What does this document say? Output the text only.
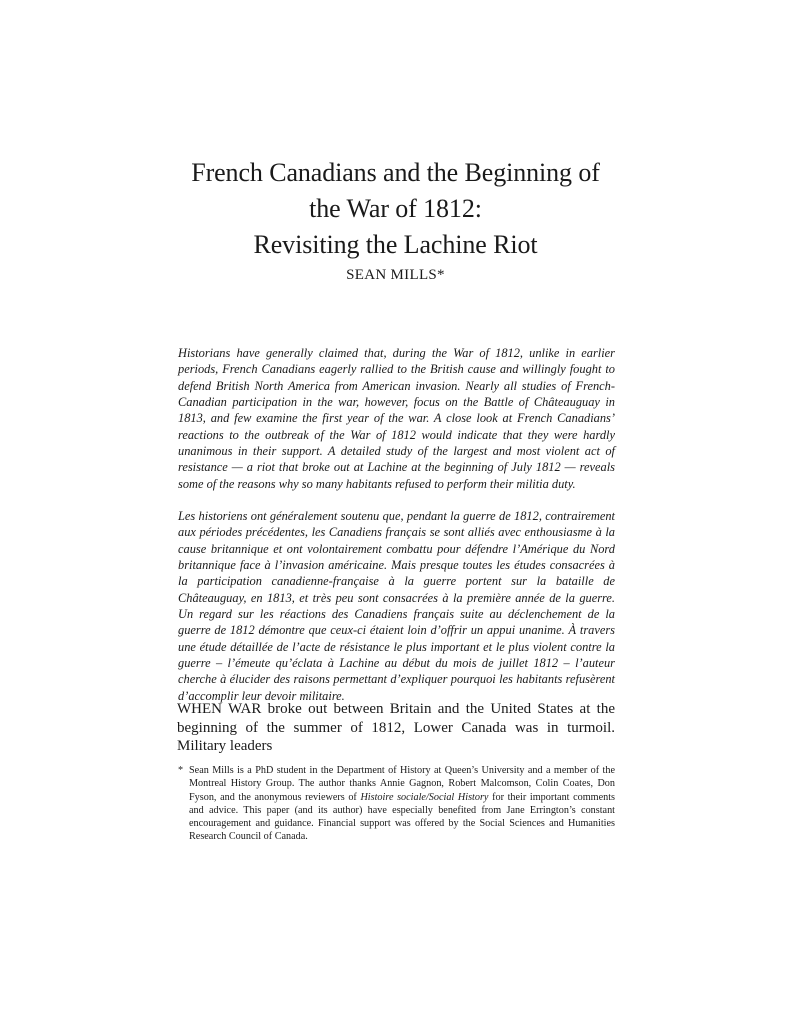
French Canadians and the Beginning of
the War of 1812:
Revisiting the Lachine Riot
SEAN MILLS*

Historians have generally claimed that, during the War of 1812, unlike in earlier periods, French Canadians eagerly rallied to the British cause and willingly fought to defend British North America from American invasion. Nearly all studies of French-Canadian participation in the war, however, focus on the Battle of Châteauguay in 1813, and few examine the first year of the war. A close look at French Canadians’ reactions to the outbreak of the War of 1812 would indicate that they were hardly unanimous in their support. A detailed study of the largest and most violent act of resistance — a riot that broke out at Lachine at the beginning of July 1812 — reveals some of the reasons why so many habitants refused to perform their militia duty.

Les historiens ont généralement soutenu que, pendant la guerre de 1812, contrairement aux périodes précédentes, les Canadiens français se sont alliés avec enthousiasme à la cause britannique et ont volontairement combattu pour défendre l’Amérique du Nord britannique face à l’invasion américaine. Mais presque toutes les études consacrées à la participation canadienne-française à la guerre portent sur la bataille de Châteauguay, en 1813, et très peu sont consacrées à la première année de la guerre. Un regard sur les réactions des Canadiens français suite au déclenchement de la guerre de 1812 démontre que ceux-ci étaient loin d’offrir un appui unanime. À travers une étude détaillée de l’acte de résistance le plus important et le plus violent contre la guerre – l’émeute qu’éclata à Lachine au début du mois de juillet 1812 – l’auteur cherche à élucider des raisons permettant d’expliquer pourquoi les habitants refusèrent d’accomplir leur devoir militaire.

WHEN WAR broke out between Britain and the United States at the beginning of the summer of 1812, Lower Canada was in turmoil. Military leaders

* Sean Mills is a PhD student in the Department of History at Queen’s University and a member of the Montreal History Group. The author thanks Annie Gagnon, Robert Malcomson, Colin Coates, Don Fyson, and the anonymous reviewers of Histoire sociale/Social History for their important comments and advice. This paper (and its author) have especially benefited from Jane Errington’s constant encouragement and guidance. Financial support was offered by the Social Sciences and Humanities Research Council of Canada.
